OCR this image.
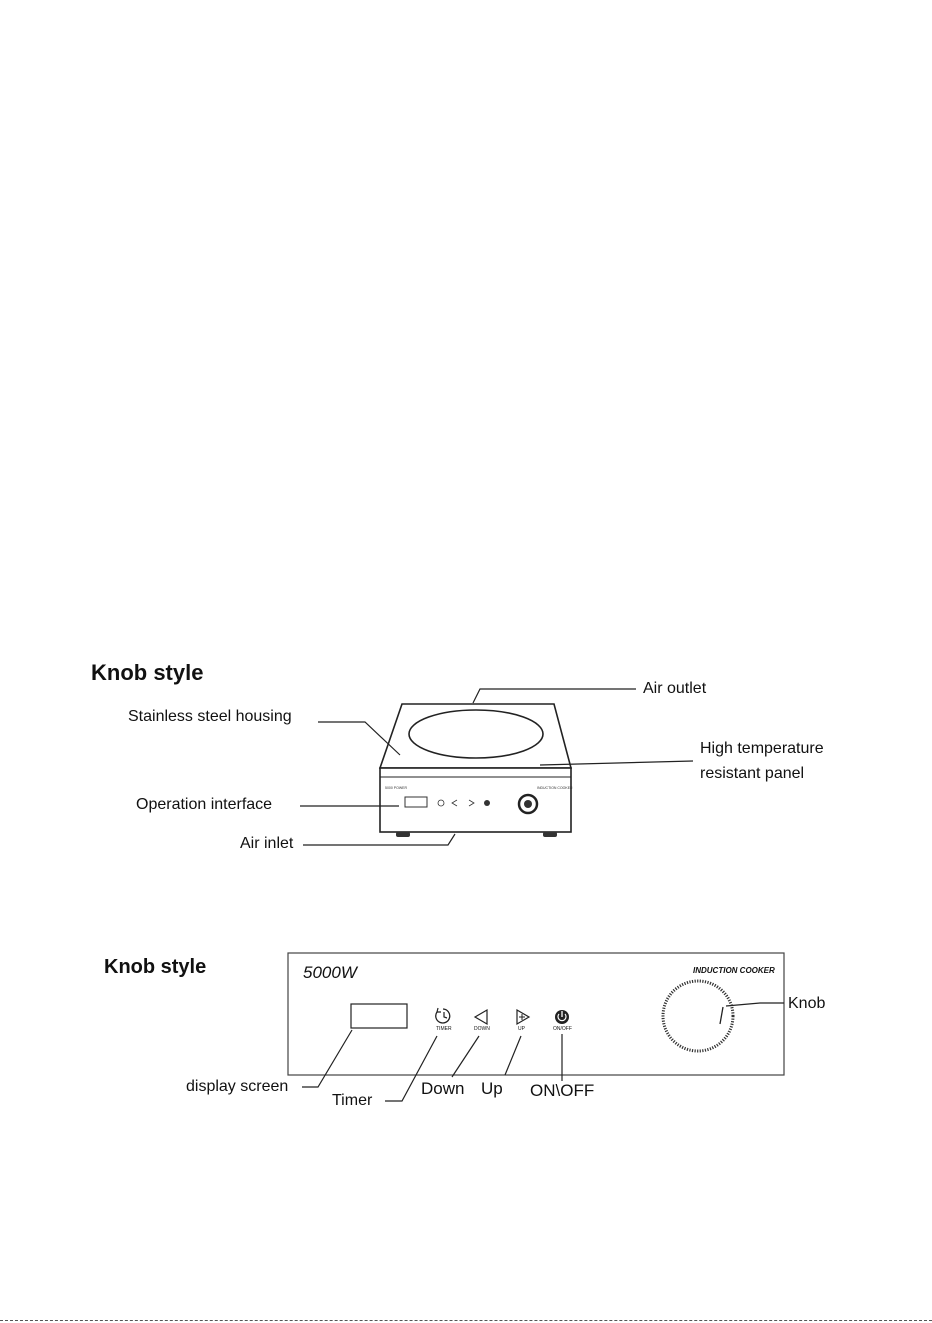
Knob style
5000 POWER	INDUCTION COOKER
Air outlet
Stainless steel housing
High temperature
resistant panel
Operation interface
Air inlet
Knob style	5000W	INDUCTION COOKER
TIMER	DOWN	UP	ON/OFF
Knob
display screen
Timer
Down Up ON\OFF
